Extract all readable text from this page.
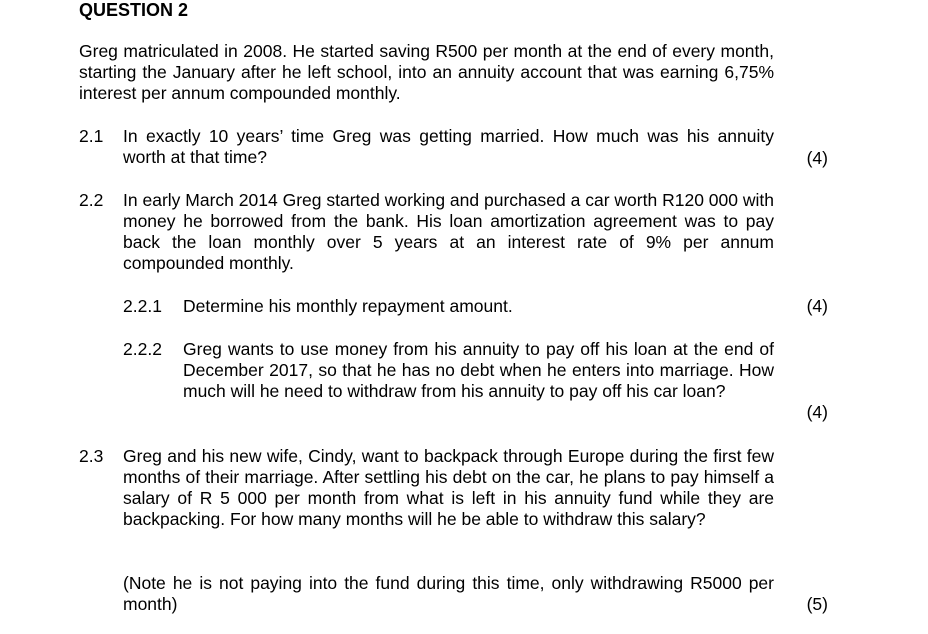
QUESTION 2

Greg matriculated in 2008. He started saving R500 per month at the end of every month, starting the January after he left school, into an annuity account that was earning 6,75% interest per annum compounded monthly.

2.1 In exactly 10 years’ time Greg was getting married. How much was his annuity worth at that time?	(4)
2.2 In early March 2014 Greg started working and purchased a car worth R120 000 with money he borrowed from the bank. His loan amortization agreement was to pay back the loan monthly over 5 years at an interest rate of 9% per annum compounded monthly.

2.2.1 Determine his monthly repayment amount.	(4)
2.2.2 Greg wants to use money from his annuity to pay off his loan at the end of December 2017, so that he has no debt when he enters into marriage. How much will he need to withdraw from his annuity to pay off his car loan?

(4)
2.3 Greg and his new wife, Cindy, want to backpack through Europe during the first few months of their marriage. After settling his debt on the car, he plans to pay himself a salary of R 5 000 per month from what is left in his annuity fund while they are backpacking. For how many months will he be able to withdraw this salary?

(Note he is not paying into the fund during this time, only withdrawing R5000 per month)	(5)
